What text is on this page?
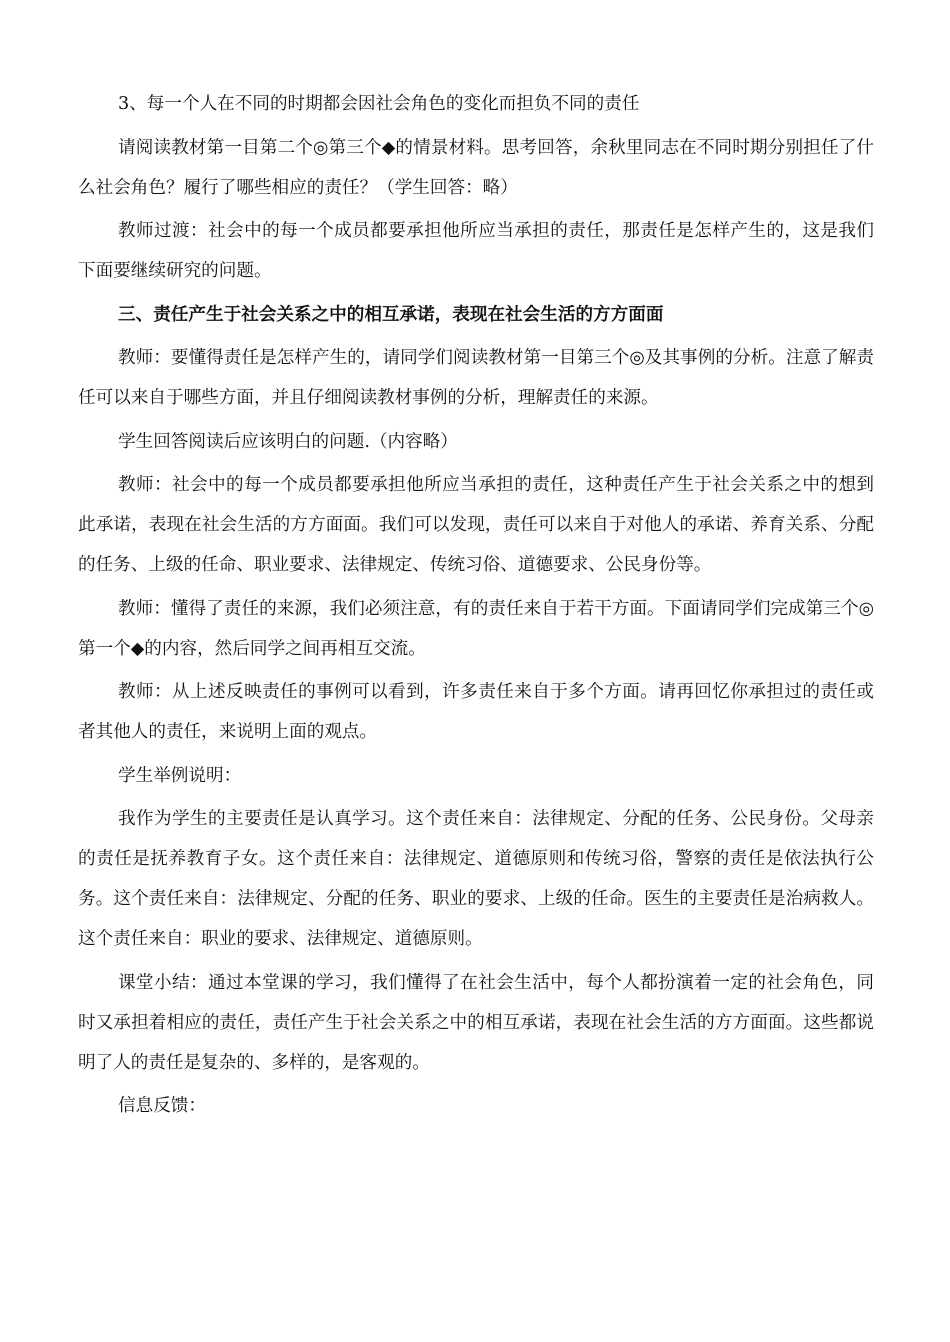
3、每一个人在不同的时期都会因社会角色的变化而担负不同的责任

请阅读教材第一目第二个◎第三个◆的情景材料。思考回答，余秋里同志在不同时期分别担任了什么社会角色？履行了哪些相应的责任？（学生回答：略）

教师过渡：社会中的每一个成员都要承担他所应当承担的责任，那责任是怎样产生的，这是我们下面要继续研究的问题。

三、责任产生于社会关系之中的相互承诺，表现在社会生活的方方面面

教师：要懂得责任是怎样产生的，请同学们阅读教材第一目第三个◎及其事例的分析。注意了解责任可以来自于哪些方面，并且仔细阅读教材事例的分析，理解责任的来源。

学生回答阅读后应该明白的问题.（内容略）

教师：社会中的每一个成员都要承担他所应当承担的责任，这种责任产生于社会关系之中的想到此承诺，表现在社会生活的方方面面。我们可以发现，责任可以来自于对他人的承诺、养育关系、分配的任务、上级的任命、职业要求、法律规定、传统习俗、道德要求、公民身份等。

教师：懂得了责任的来源，我们必须注意，有的责任来自于若干方面。下面请同学们完成第三个◎第一个◆的内容，然后同学之间再相互交流。

教师：从上述反映责任的事例可以看到，许多责任来自于多个方面。请再回忆你承担过的责任或者其他人的责任，来说明上面的观点。

学生举例说明：

我作为学生的主要责任是认真学习。这个责任来自：法律规定、分配的任务、公民身份。父母亲的责任是抚养教育子女。这个责任来自：法律规定、道德原则和传统习俗，警察的责任是依法执行公务。这个责任来自：法律规定、分配的任务、职业的要求、上级的任命。医生的主要责任是治病救人。这个责任来自：职业的要求、法律规定、道德原则。

课堂小结：通过本堂课的学习，我们懂得了在社会生活中，每个人都扮演着一定的社会角色，同时又承担着相应的责任，责任产生于社会关系之中的相互承诺，表现在社会生活的方方面面。这些都说明了人的责任是复杂的、多样的，是客观的。

信息反馈：
